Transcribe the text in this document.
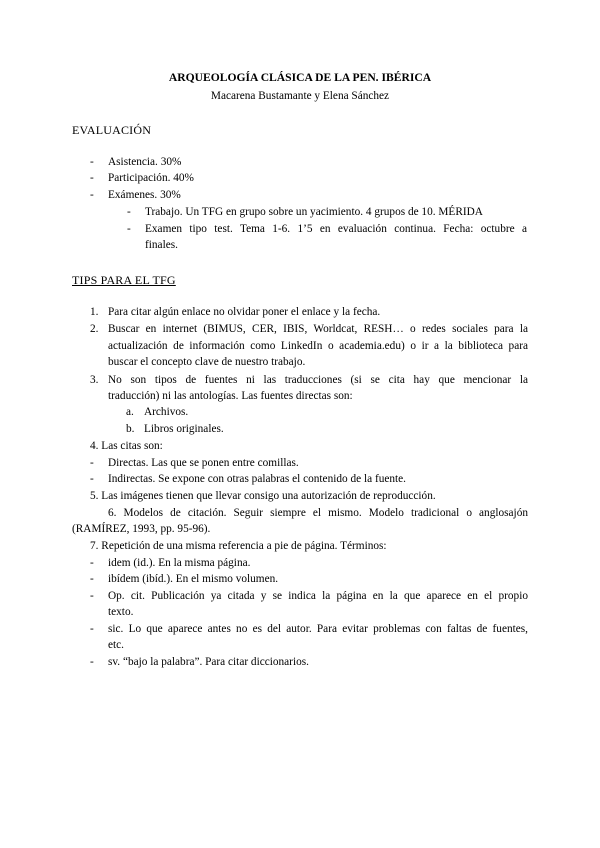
ARQUEOLOGÍA CLÁSICA DE LA PEN. IBÉRICA
Macarena Bustamante y Elena Sánchez
EVALUACIÓN
- Asistencia. 30%
- Participación. 40%
- Exámenes. 30%
- Trabajo. Un TFG en grupo sobre un yacimiento. 4 grupos de 10. MÉRIDA
- Examen tipo test. Tema 1-6. 1’5 en evaluación continua. Fecha: octubre a
finales.
TIPS PARA EL TFG
1. Para citar algún enlace no olvidar poner el enlace y la fecha.
2. Buscar en internet (BIMUS, CER, IBIS, Worldcat, RESH… o redes sociales para la
actualización de información como LinkedIn o academia.edu) o ir a la biblioteca para
buscar el concepto clave de nuestro trabajo.
3. No son tipos de fuentes ni las traducciones (si se cita hay que mencionar la
traducción) ni las antologías. Las fuentes directas son:
a. Archivos.
b. Libros originales.
4. Las citas son:
- Directas. Las que se ponen entre comillas.
- Indirectas. Se expone con otras palabras el contenido de la fuente.
5. Las imágenes tienen que llevar consigo una autorización de reproducción.
6. Modelos de citación. Seguir siempre el mismo. Modelo tradicional o anglosajón
(RAMÍREZ, 1993, pp. 95-96).
7. Repetición de una misma referencia a pie de página. Términos:
- idem (id.). En la misma página.
- ibídem (ibíd.). En el mismo volumen.
- Op. cit. Publicación ya citada y se indica la página en la que aparece en el propio
texto.
- sic. Lo que aparece antes no es del autor. Para evitar problemas con faltas de fuentes,
etc.
- sv. “bajo la palabra”. Para citar diccionarios.
